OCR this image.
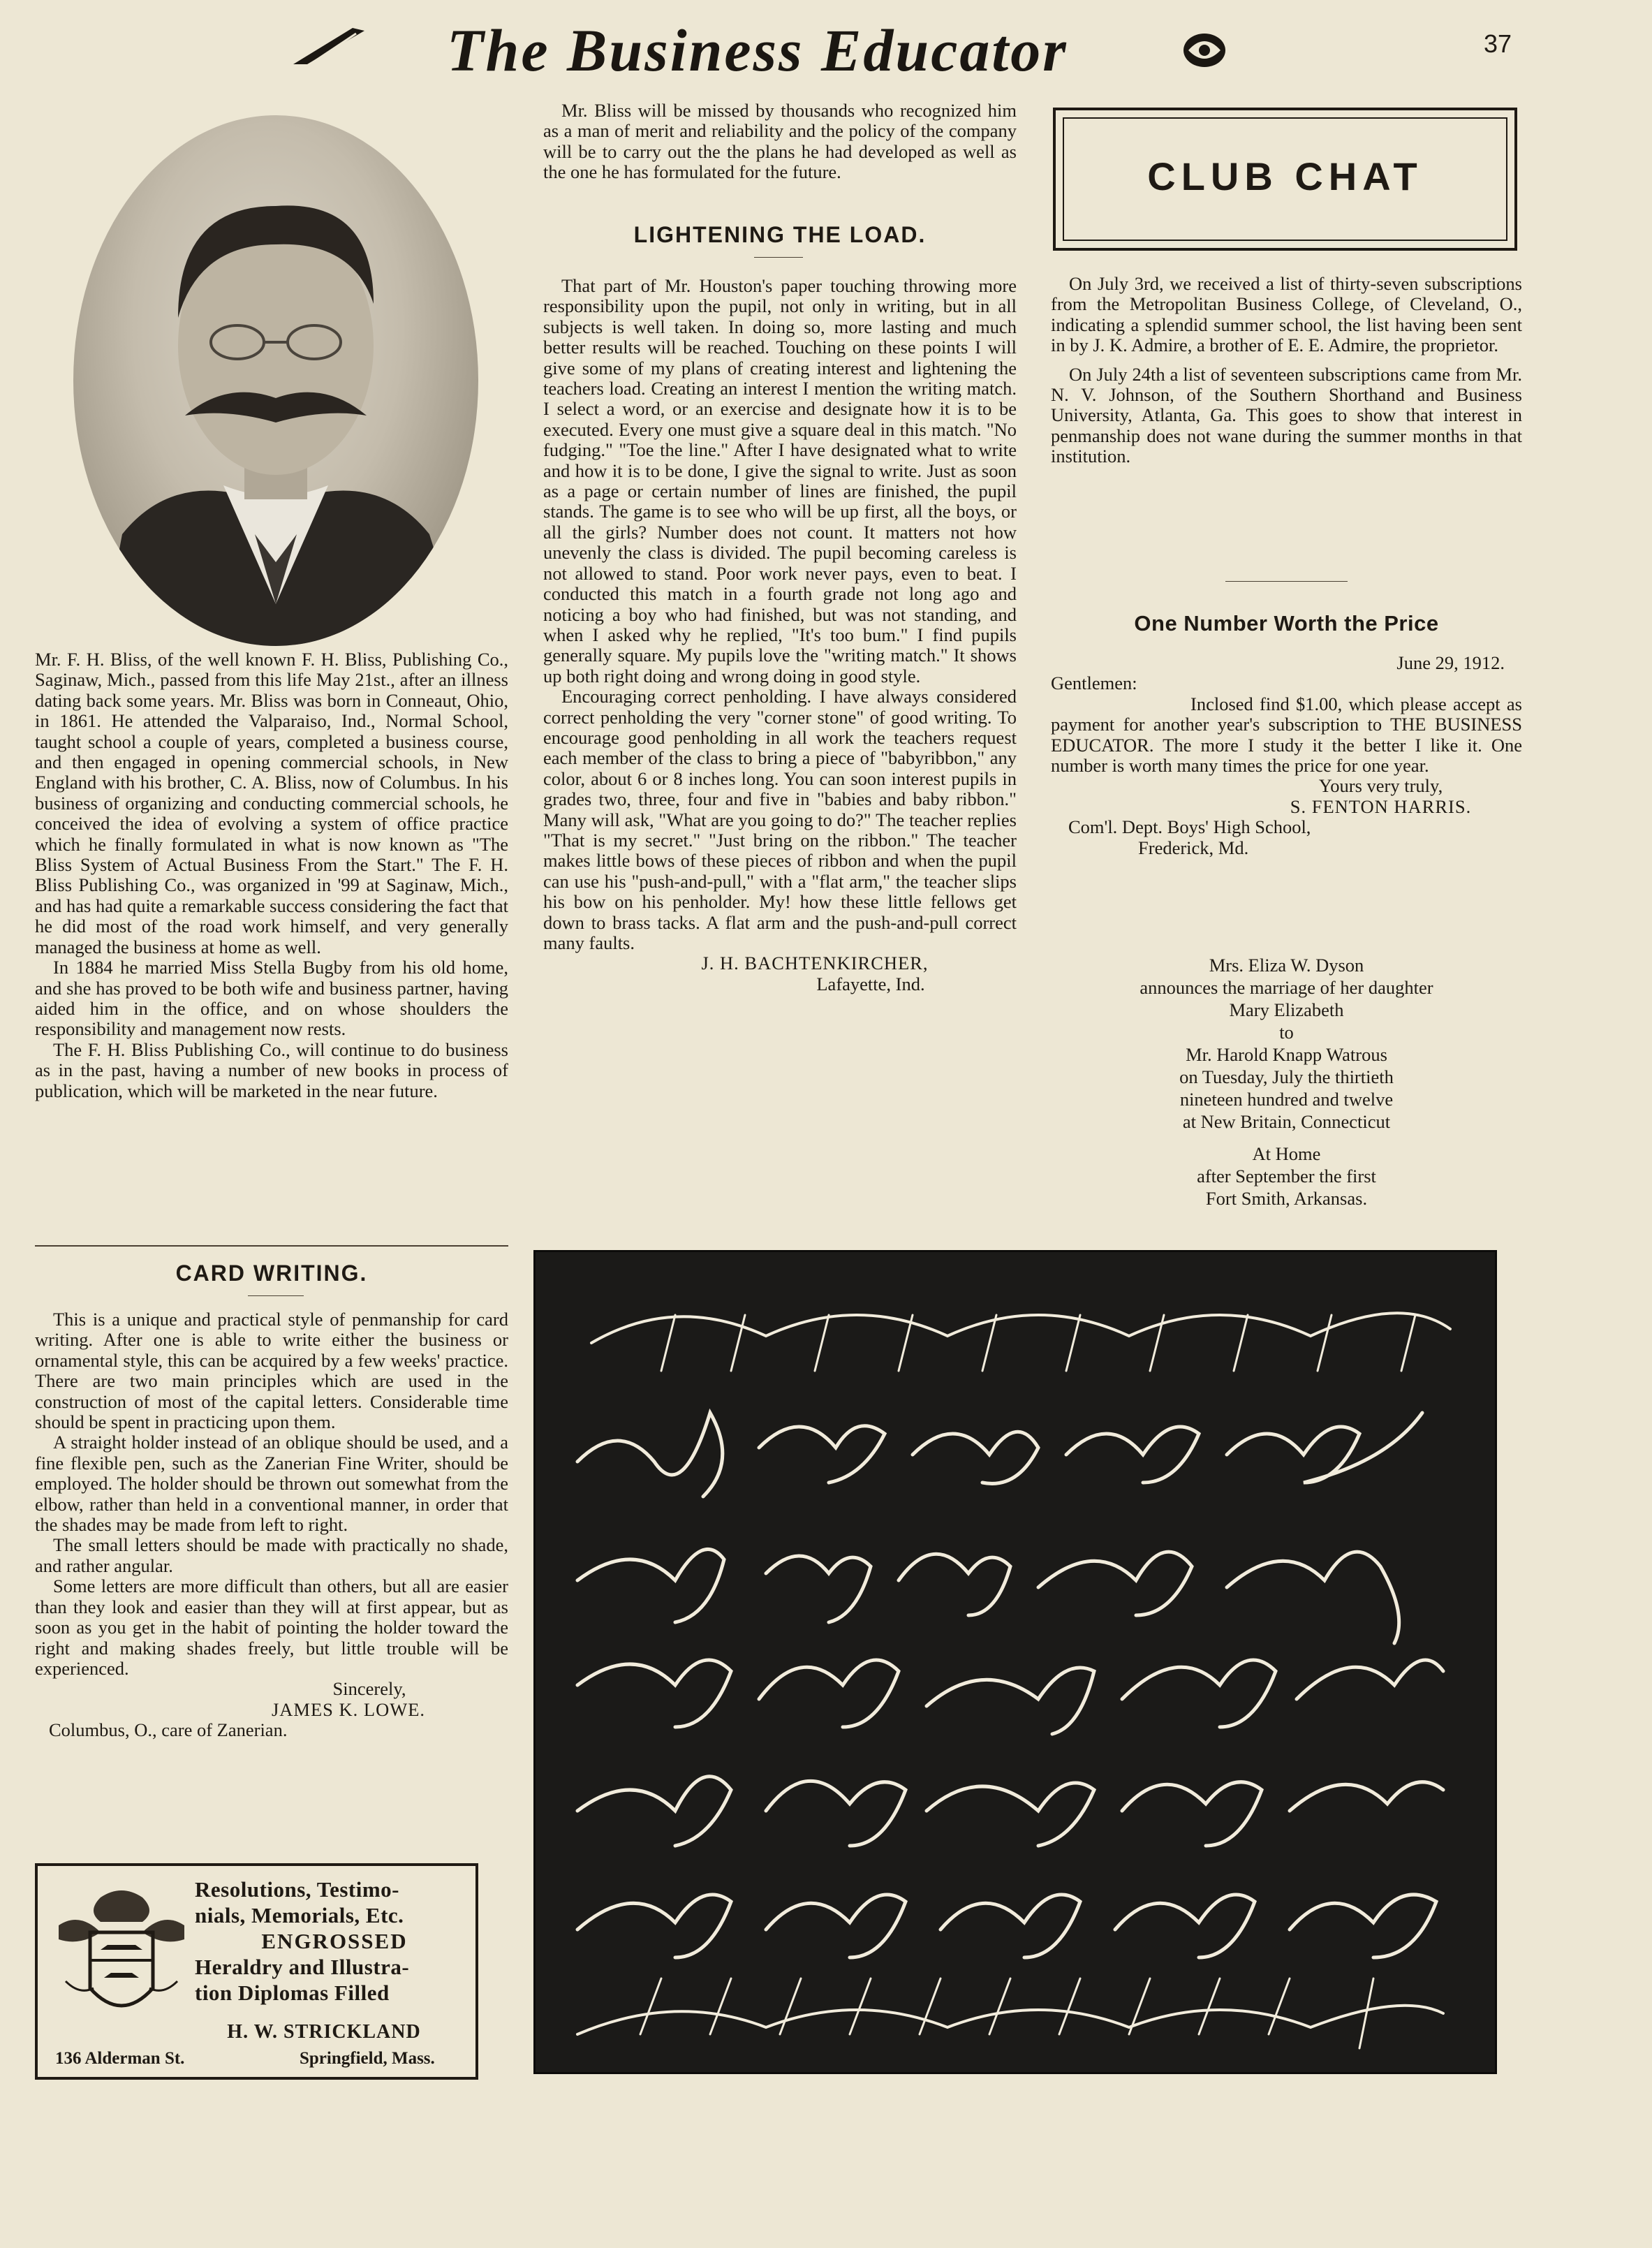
The Business Educator	37

Mr. F. H. Bliss, of the well known F. H. Bliss, Publishing Co., Saginaw, Mich., passed from this life May 21st., after an illness dating back some years. Mr. Bliss was born in Conneaut, Ohio, in 1861. He attended the Valparaiso, Ind., Normal School, taught school a couple of years, completed a business course, and then engaged in opening commercial schools, in New England with his brother, C. A. Bliss, now of Columbus. In his business of organizing and conducting commercial schools, he conceived the idea of evolving a system of office practice which he finally formulated in what is now known as "The Bliss System of Actual Business From the Start." The F. H. Bliss Publishing Co., was organized in '99 at Saginaw, Mich., and has had quite a remarkable success considering the fact that he did most of the road work himself, and very generally managed the business at home as well.

In 1884 he married Miss Stella Bugby from his old home, and she has proved to be both wife and business partner, having aided him in the office, and on whose shoulders the responsibility and management now rests.

The F. H. Bliss Publishing Co., will continue to do business as in the past, having a number of new books in process of publication, which will be marketed in the near future.

Mr. Bliss will be missed by thousands who recognized him as a man of merit and reliability and the policy of the company will be to carry out the the plans he had developed as well as the one he has formulated for the future.

CARD WRITING.

This is a unique and practical style of penmanship for card writing. After one is able to write either the business or ornamental style, this can be acquired by a few weeks' practice. There are two main principles which are used in the construction of most of the capital letters. Considerable time should be spent in practicing upon them.

A straight holder instead of an oblique should be used, and a fine flexible pen, such as the Zanerian Fine Writer, should be employed. The holder should be thrown out somewhat from the elbow, rather than held in a conventional manner, in order that the shades may be made from left to right.

The small letters should be made with practically no shade, and rather angular.

Some letters are more difficult than others, but all are easier than they look and easier than they will at first appear, but as soon as you get in the habit of pointing the holder toward the right and making shades freely, but little trouble will be experienced.

Sincerely,
JAMES K. LOWE.
Columbus, O., care of Zanerian.
Resolutions, Testimo-
nials, Memorials, Etc.
ENGROSSED
Heraldry and Illustra-
tion Diplomas Filled
H. W. STRICKLAND
136 Alderman St.	Springfield, Mass.
LIGHTENING THE LOAD.

That part of Mr. Houston's paper touching throwing more responsibility upon the pupil, not only in writing, but in all subjects is well taken. In doing so, more lasting and much better results will be reached. Touching on these points I will give some of my plans of creating interest and lightening the teachers load. Creating an interest I mention the writing match. I select a word, or an exercise and designate how it is to be executed. Every one must give a square deal in this match. "No fudging." "Toe the line." After I have designated what to write and how it is to be done, I give the signal to write. Just as soon as a page or certain number of lines are finished, the pupil stands. The game is to see who will be up first, all the boys, or all the girls? Number does not count. It matters not how unevenly the class is divided. The pupil becoming careless is not allowed to stand. Poor work never pays, even to beat. I conducted this match in a fourth grade not long ago and noticing a boy who had finished, but was not standing, and when I asked why he replied, "It's too bum." I find pupils generally square. My pupils love the "writing match." It shows up both right doing and wrong doing in good style.

Encouraging correct penholding. I have always considered correct penholding the very "corner stone" of good writing. To encourage good penholding in all work the teachers request each member of the class to bring a piece of "babyribbon," any color, about 6 or 8 inches long. You can soon interest pupils in grades two, three, four and five in "babies and baby ribbon." Many will ask, "What are you going to do?" The teacher replies "That is my secret." "Just bring on the ribbon." The teacher makes little bows of these pieces of ribbon and when the pupil can use his "push-and-pull," with a "flat arm," the teacher slips his bow on his penholder. My! how these little fellows get down to brass tacks. A flat arm and the push-and-pull correct many faults.

J. H. BACHTENKIRCHER,
Lafayette, Ind.
CLUB CHAT

On July 3rd, we received a list of thirty-seven subscriptions from the Metropolitan Business College, of Cleveland, O., indicating a splendid summer school, the list having been sent in by J. K. Admire, a brother of E. E. Admire, the proprietor.

On July 24th a list of seventeen subscriptions came from Mr. N. V. Johnson, of the Southern Shorthand and Business University, Atlanta, Ga. This goes to show that interest in penmanship does not wane during the summer months in that institution.

One Number Worth the Price
June 29, 1912.
Gentlemen:

Inclosed find $1.00, which please accept as payment for another year's subscription to THE BUSINESS EDUCATOR. The more I study it the better I like it. One number is worth many times the price for one year.

Yours very truly,
S. FENTON HARRIS.
Com'l. Dept. Boys' High School,
Frederick, Md.
Mrs. Eliza W. Dyson
announces the marriage of her daughter
Mary Elizabeth
to
Mr. Harold Knapp Watrous
on Tuesday, July the thirtieth
nineteen hundred and twelve
at New Britain, Connecticut
At Home
after September the first
Fort Smith, Arkansas.
